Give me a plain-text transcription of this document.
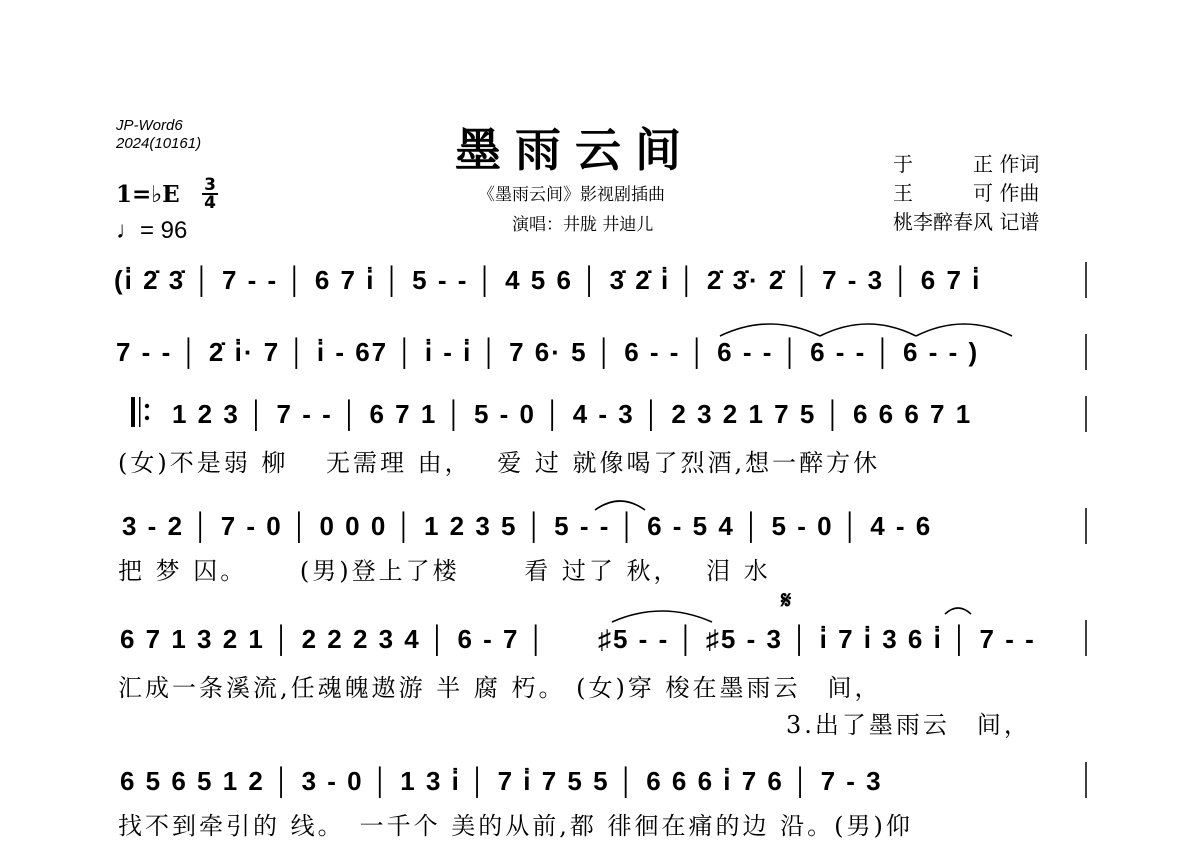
JP-Word6
2024(10161)	墨雨云间
《墨雨云间》影视剧插曲
演唱：井胧 井迪儿
于　　　正 作词
王　　　可 作曲
桃李醉春风 记谱
1=♭E 3
4
♩= 96
(i̇ 2̇ 3̇ │ 7 - - │ 6 7 i̇ │ 5 - - │ 4 5 6 │ 3̇ 2̇ i̇ │ 2̇ 3̇· 2̇ │ 7 - 3 │ 6 7 i̇
7 - - │ 2̇ i̇· 7 │ i̇ - 67 │ i̇ - i̇ │ 7 6· 5 │ 6 - - │ 6 - - │ 6 - - │ 6 - - )
1 2 3 │ 7 - - │ 6 7 1 │ 5 - 0 │ 4 - 3 │ 2 3 2 1 7 5 │ 6 6 6 7 1
(女)不是弱 柳　 无需理 由，　 爱 过 就像喝了烈酒,想一醉方休
3 - 2 │ 7 - 0 │ 0 0 0 │ 1 2 3 5 │ 5 - - │ 6 - 5 4 │ 5 - 0 │ 4 - 6
把 梦 囚。　　 (男)登上了楼　　 看 过了 秋，　 泪 水
𝄋
6 7 1 3 2 1 │ 2 2 2 3 4 │ 6 - 7 │ ♯5 - - │ ♯5 - 3 │ i̇ 7 i̇ 3 6 i̇ │ 7 - -
汇成一条溪流,任魂魄遨游 半 腐 朽。 (女)穿 梭在墨雨云　间，
3.出了墨雨云　间，
6 5 6 5 1 2 │ 3 - 0 │ 1 3 i̇ │ 7 i̇ 7 5 5 │ 6 6 6 i̇ 7 6 │ 7 - 3
找不到牵引的 线。　一千个 美的从前,都 徘徊在痛的边 沿。(男)仰
